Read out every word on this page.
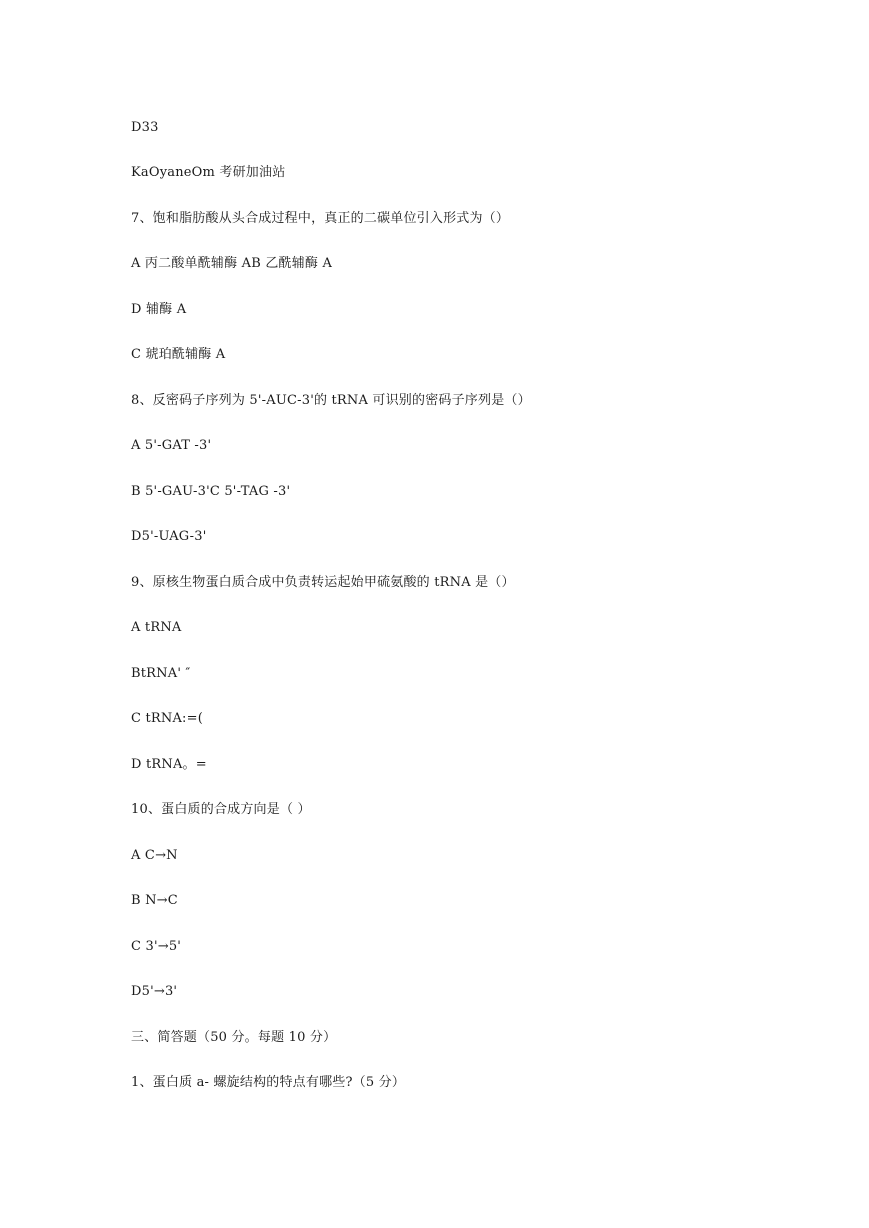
D33
KaOyaneOm 考研加油站
7、饱和脂肪酸从头合成过程中，真正的二碳单位引入形式为（）
A 丙二酸单酰辅酶 AB 乙酰辅酶 A
D 辅酶 A
C 琥珀酰辅酶 A
8、反密码子序列为 5'-AUC-3'的 tRNA 可识别的密码子序列是（）
A 5'-GAT -3'
B 5'-GAU-3'C 5'-TAG -3'
D5'-UAG-3'
9、原核生物蛋白质合成中负责转运起始甲硫氨酸的 tRNA 是（）
A tRNA
BtRNA' ″
C tRNA:=(
D tRNA。=
10、蛋白质的合成方向是（ ）
A C→N
B N→C
C 3'→5'
D5'→3'
三、简答题（50 分。每题 10 分）
1、蛋白质 a- 螺旋结构的特点有哪些?（5 分）
